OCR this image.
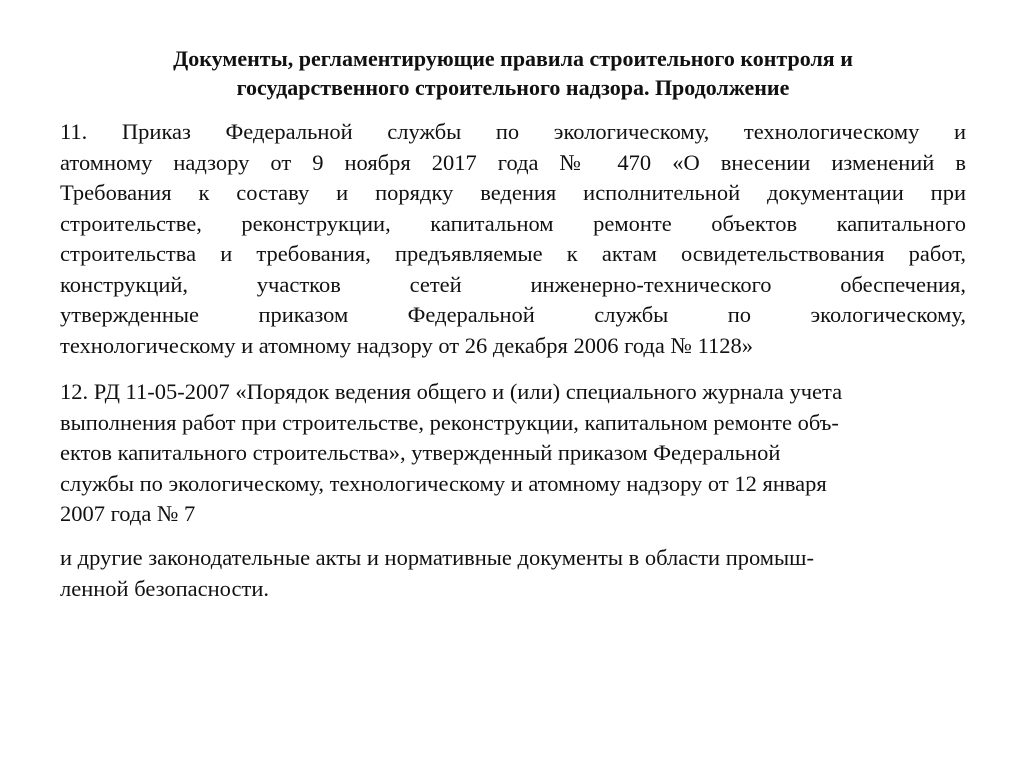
Документы, регламентирующие правила строительного контроля и
государственного строительного надзора. Продолжение
11. Приказ Федеральной службы по экологическому, технологическому и
атомному надзору от 9 ноября 2017 года № 470 «О внесении изменений в
Требования к составу и порядку ведения исполнительной документации при
строительстве, реконструкции, капитальном ремонте объектов капитального
строительства и требования, предъявляемые к актам освидетельствования работ,
конструкций, участков сетей инженерно-технического обеспечения,
утвержденные приказом Федеральной службы по экологическому,
технологическому и атомному надзору от 26 декабря 2006 года № 1128»
12. РД 11-05-2007 «Порядок ведения общего и (или) специального журнала учета
выполнения работ при строительстве, реконструкции, капитальном ремонте объ-
ектов капитального строительства», утвержденный приказом Федеральной
службы по экологическому, технологическому и атомному надзору от 12 января
2007 года № 7
и другие законодательные акты и нормативные документы в области промыш-
ленной безопасности.
